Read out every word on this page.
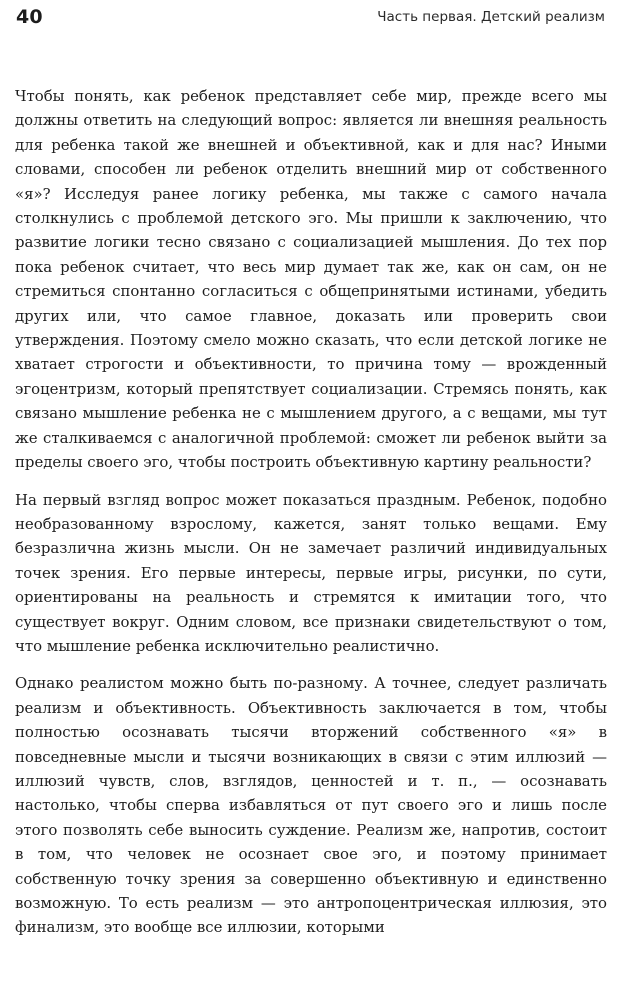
40	Часть первая. Детский реализм

Чтобы понять, как ребенок представляет себе мир, прежде всего мы должны ответить на следующий вопрос: является ли внешняя реальность для ребенка такой же внешней и объективной, как и для нас? Иными словами, способен ли ребенок отделить внешний мир от собственного «я»? Исследуя ранее логику ребенка, мы также с самого начала столкнулись с проблемой детского эго. Мы пришли к заключению, что развитие логики тесно связано с социализацией мышления. До тех пор пока ребенок считает, что весь мир думает так же, как он сам, он не стремиться спонтанно согласиться с общепринятыми истинами, убедить других или, что самое главное, доказать или проверить свои утверждения. Поэтому смело можно сказать, что если детской логике не хватает строгости и объективности, то причина тому — врожденный эгоцентризм, который препятствует социализации. Стремясь понять, как связано мышление ребенка не с мышлением другого, а с вещами, мы тут же сталкиваемся с аналогичной проблемой: сможет ли ребенок выйти за пределы своего эго, чтобы построить объективную картину реальности?

На первый взгляд вопрос может показаться праздным. Ребенок, подобно необразованному взрослому, кажется, занят только вещами. Ему безразлична жизнь мысли. Он не замечает различий индивидуальных точек зрения. Его первые интересы, первые игры, рисунки, по сути, ориентированы на реальность и стремятся к имитации того, что существует вокруг. Одним словом, все признаки свидетельствуют о том, что мышление ребенка исключительно реалистично.

Однако реалистом можно быть по-разному. А точнее, следует различать реализм и объективность. Объективность заключается в том, чтобы полностью осознавать тысячи вторжений собственного «я» в повседневные мысли и тысячи возникающих в связи с этим иллюзий — иллюзий чувств, слов, взглядов, ценностей и т. п., — осознавать настолько, чтобы сперва избавляться от пут своего эго и лишь после этого позволять себе выносить суждение. Реализм же, напротив, состоит в том, что человек не осознает свое эго, и поэтому принимает собственную точку зрения за совершенно объективную и единственно возможную. То есть реализм — это антропоцентрическая иллюзия, это финализм, это вообще все иллюзии, которыми
